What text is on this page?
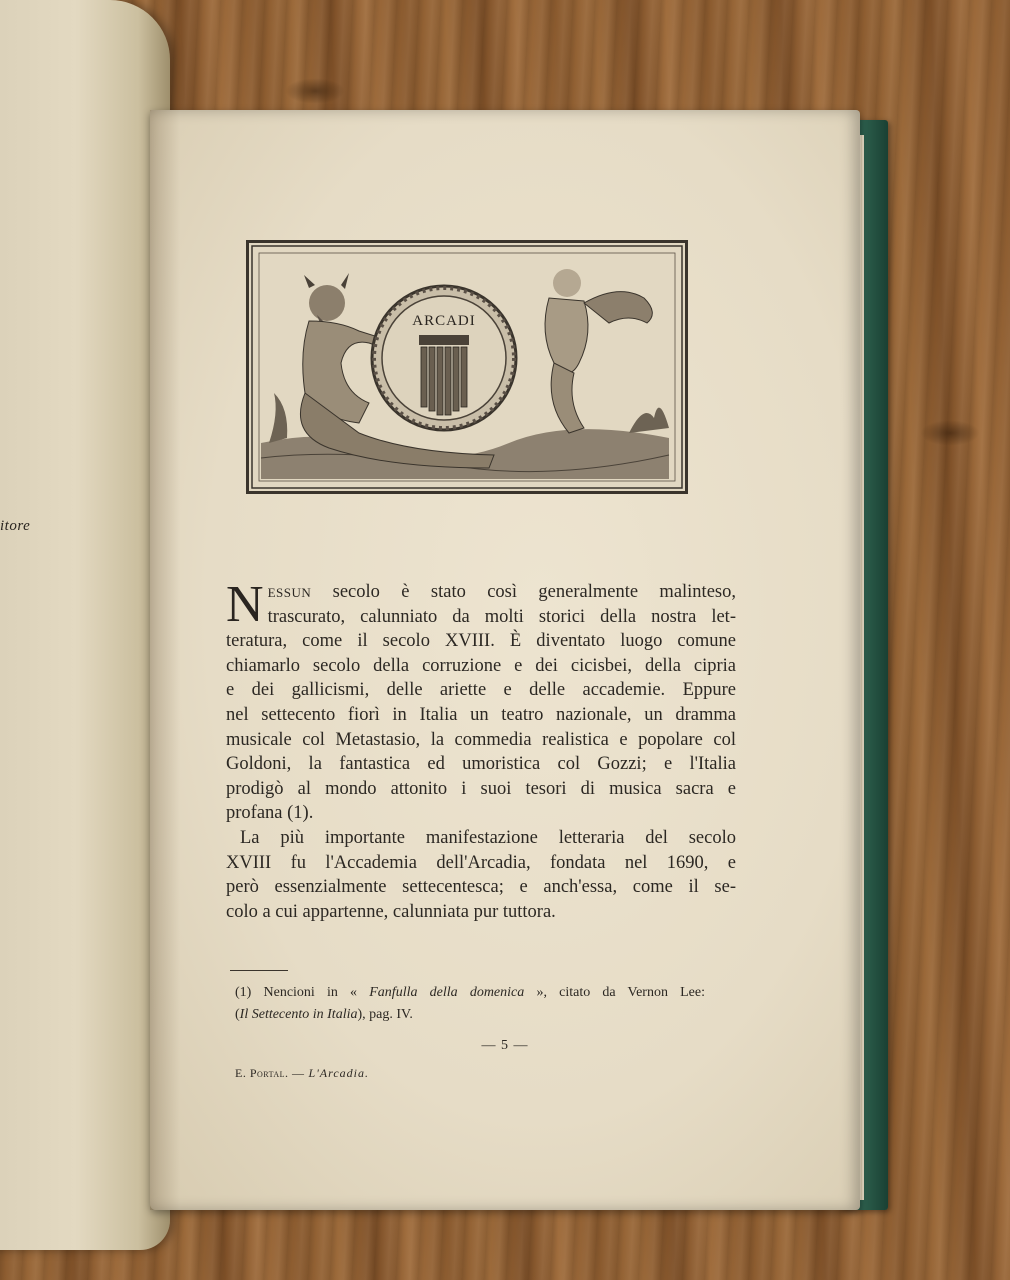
itore
ARCADI
N essun secolo è stato così generalmente malinteso,
trascurato, calunniato da molti storici della nostra let-
teratura, come il secolo XVIII. È diventato luogo comune
chiamarlo secolo della corruzione e dei cicisbei, della cipria
e dei gallicismi, delle ariette e delle accademie. Eppure
nel settecento fiorì in Italia un teatro nazionale, un dramma
musicale col Metastasio, la commedia realistica e popolare col
Goldoni, la fantastica ed umoristica col Gozzi; e l'Italia
prodigò al mondo attonito i suoi tesori di musica sacra e
profana (1).
La più importante manifestazione letteraria del secolo
XVIII fu l'Accademia dell'Arcadia, fondata nel 1690, e
però essenzialmente settecentesca; e anch'essa, come il se-
colo a cui appartenne, calunniata pur tuttora.
(1) Nencioni in « Fanfulla della domenica », citato da Vernon Lee:
(Il Settecento in Italia), pag. IV.
— 5 —
E. Portal. — L'Arcadia.
